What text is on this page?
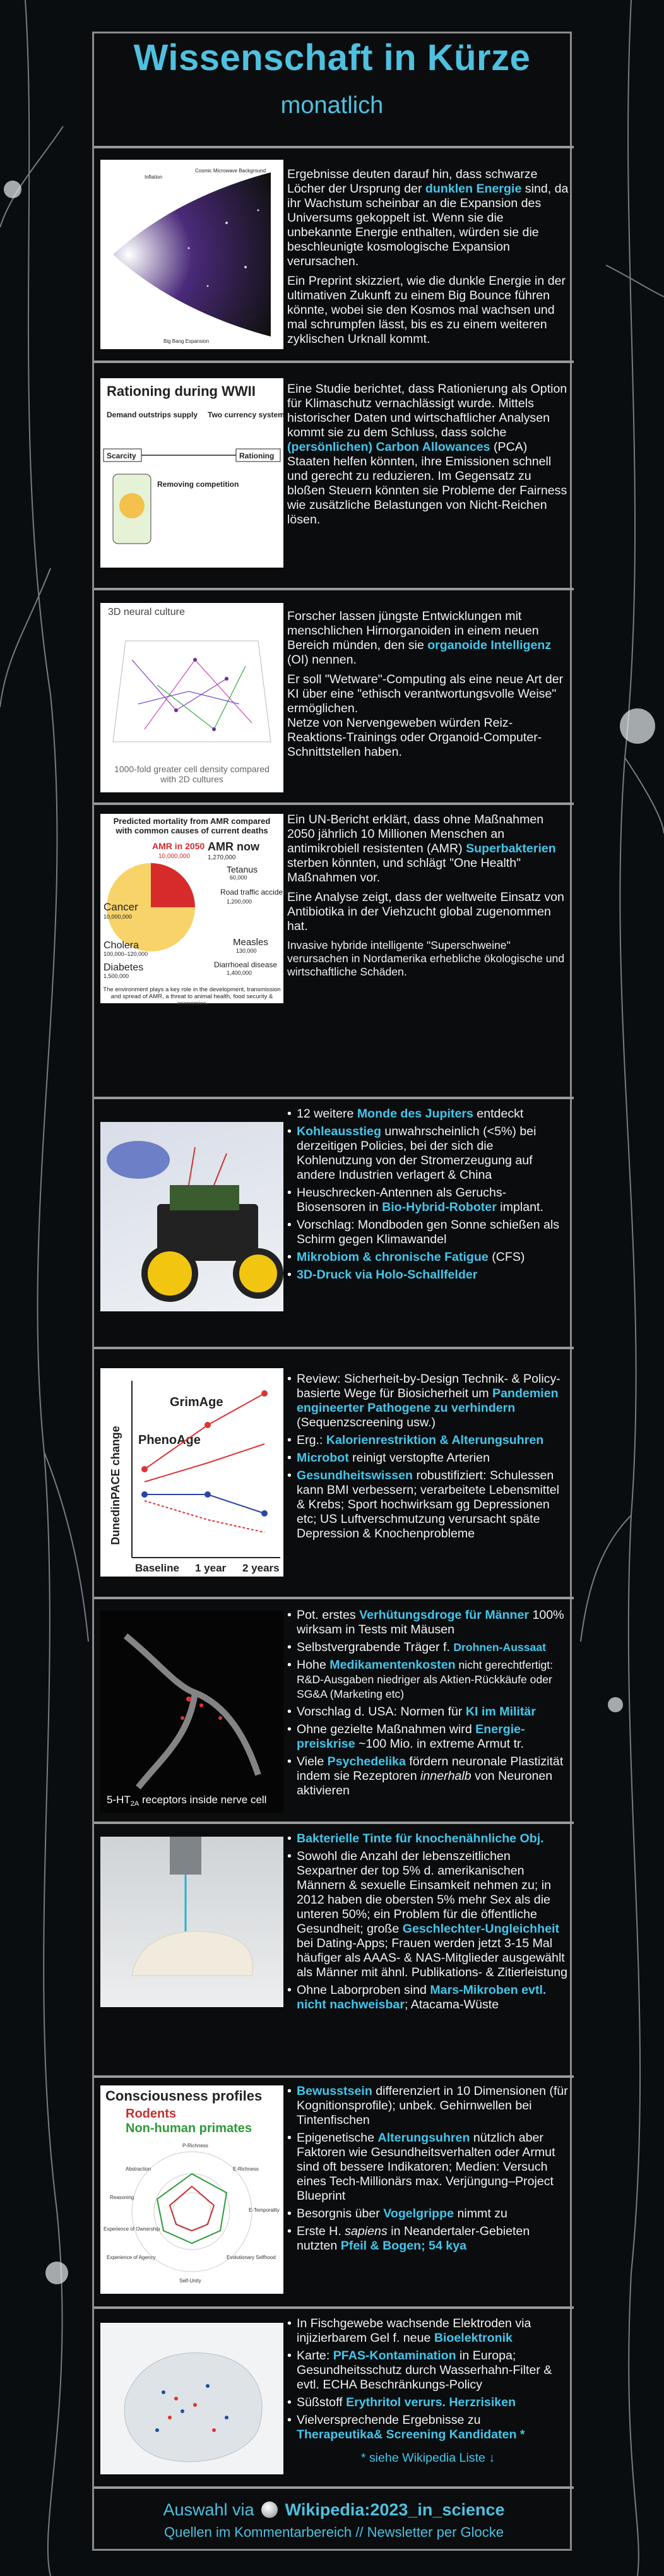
Wissenschaft in Kürze
monatlich
Inflation
Cosmic Microwave Background
Dark Energy
Big Bang Expansion

Ergebnisse deuten darauf hin, dass schwarze Löcher der Ursprung der dunklen Energie sind, da ihr Wachstum scheinbar an die Expansion des Universums gekoppelt ist. Wenn sie die unbekannte Energie enthalten, würden sie die beschleunigte kosmologische Expansion verursachen.

Ein Preprint skizziert, wie die dunkle Energie in der ultimativen Zukunft zu einem Big Bounce führen könnte, wobei sie den Kosmos mal wachsen und mal schrumpfen lässt, bis es zu einem weiteren zyklischen Urknall kommt.

Rationing during WWII
Demand outstrips supply Two currency system
Scarcity	Rationing
Removing competition

Eine Studie berichtet, dass Rationierung als Option für Klimaschutz vernachlässigt wurde. Mittels historischer Daten und wirtschaftlicher Analysen kommt sie zu dem Schluss, dass solche (persönlichen) Carbon Allowances (PCA) Staaten helfen könnten, ihre Emissionen schnell und gerecht zu reduzieren. Im Gegensatz zu bloßen Steuern könnten sie Probleme der Fairness wie zusätzliche Belastungen von Nicht-Reichen lösen.

3D neural culture
1000-fold greater cell density compared with 2D cultures

Forscher lassen jüngste Entwicklungen mit menschlichen Hirnorganoiden in einem neuen Bereich münden, den sie organoide Intelligenz (OI) nennen.

Er soll "Wetware"-Computing als eine neue Art der KI über eine "ethisch verantwortungsvolle Weise" ermöglichen.

Netze von Nervengeweben würden Reiz-Reaktions-Trainings oder Organoid-Computer-Schnittstellen haben.

Predicted mortality from AMR compared with common causes of current deaths
AMR in 2050
10,000,000
AMR now
1,270,000
Tetanus
60,000
Road traffic accidents
1,200,000
Cancer
10,000,000
Cholera
100,000–120,000
Measles
130,000
Diabetes
1,500,000
Diarrhoeal disease
1,400,000
The environment plays a key role in the development, transmission and spread of AMR, a threat to animal health, food security & economies

Ein UN-Bericht erklärt, dass ohne Maßnahmen 2050 jährlich 10 Millionen Menschen an antimikrobiell resistenten (AMR) Superbakterien sterben könnten, und schlägt "One Health" Maßnahmen vor.

Eine Analyse zeigt, dass der weltweite Einsatz von Antibiotika in der Viehzucht global zugenommen hat.

Invasive hybride intelligente "Superschweine" verursachen in Nordamerika erhebliche ökologische und wirtschaftliche Schäden.

• 12 weitere Monde des Jupiters entdeckt
• Kohleausstieg unwahrscheinlich (<5%) bei derzeitigen Policies, bei der sich die Kohlenutzung von der Stromerzeugung auf andere Industrien verlagert & China
• Heuschrecken-Antennen als Geruchs-Biosensoren in Bio-Hybrid-Roboter implant.
• Vorschlag: Mondboden gen Sonne schießen als Schirm gegen Klimawandel
• Mikrobiom & chronische Fatigue (CFS)
• 3D-Druck via Holo-Schallfelder
GrimAge
PhenoAge
DunedinPACE change
Baseline 1 year 2 years
• Review: Sicherheit-by-Design Technik- & Policy-basierte Wege für Biosicherheit um Pandemien engineerter Pathogene zu verhindern (Sequenzscreening usw.)
• Erg.: Kalorienrestriktion & Alterungsuhren
• Microbot reinigt verstopfte Arterien
• Gesundheitswissen robustifiziert: Schulessen kann BMI verbessern; verarbeitete Lebensmittel & Krebs; Sport hochwirksam gg Depressionen etc; US Luftverschmutzung verursacht späte Depression & Knochenprobleme
$5-HT_{2A}$ receptors inside nerve cell
• Pot. erstes Verhütungsdroge für Männer 100% wirksam in Tests mit Mäusen
• Selbstvergrabende Träger f. Drohnen-Aussaat
• Hohe Medikamentenkosten nicht gerechtfertigt: R&D-Ausgaben niedriger als Aktien-Rückkäufe oder SG&A (Marketing etc)
• Vorschlag d. USA: Normen für KI im Militär
• Ohne gezielte Maßnahmen wird Energie-preiskrise ~100 Mio. in extreme Armut tr.
• Viele Psychedelika fördern neuronale Plastizität indem sie Rezeptoren innerhalb von Neuronen aktivieren
• Bakterielle Tinte für knochenähnliche Obj.
• Sowohl die Anzahl der lebenszeitlichen Sexpartner der top 5% d. amerikanischen Männern & sexuelle Einsamkeit nehmen zu; in 2012 haben die obersten 5% mehr Sex als die unteren 50%; ein Problem für die öffentliche Gesundheit; große Geschlechter-Ungleichheit bei Dating-Apps; Frauen werden jetzt 3-15 Mal häufiger als AAAS- & NAS-Mitglieder ausgewählt als Männer mit ähnl. Publikations- & Zitierleistung
• Ohne Laborproben sind Mars-Mikroben evtl. nicht nachweisbar; Atacama-Wüste
Consciousness profiles
Rodents
Non-human primates
P-Richness
E-Richness
E-Temporality
Evolutionary Selfhood
Self-Unity
Experience of Agency
Experience of Ownership
Reasoning
Abstraction
• Bewusstsein differenziert in 10 Dimensionen (für Kognitionsprofile); unbek. Gehirnwellen bei Tintenfischen
• Epigenetische Alterungsuhren nützlich aber Faktoren wie Gesundheitsverhalten oder Armut sind oft bessere Indikatoren; Medien: Versuch eines Tech-Millionärs max. Verjüngung–Project Blueprint
• Besorgnis über Vogelgrippe nimmt zu
• Erste H. sapiens in Neandertaler-Gebieten nutzten Pfeil & Bogen; 54 kya
• In Fischgewebe wachsende Elektroden via injizierbarem Gel f. neue Bioelektronik
• Karte: PFAS-Kontamination in Europa; Gesundheitsschutz durch Wasserhahn-Filter & evtl. ECHA Beschränkungs-Policy
• Süßstoff Erythritol verurs. Herzrisiken
• Vielversprechende Ergebnisse zu Therapeutika& Screening Kandidaten *
* siehe Wikipedia Liste ↓
Auswahl via Wikipedia:2023_in_science
Quellen im Kommentarbereich // Newsletter per Glocke
